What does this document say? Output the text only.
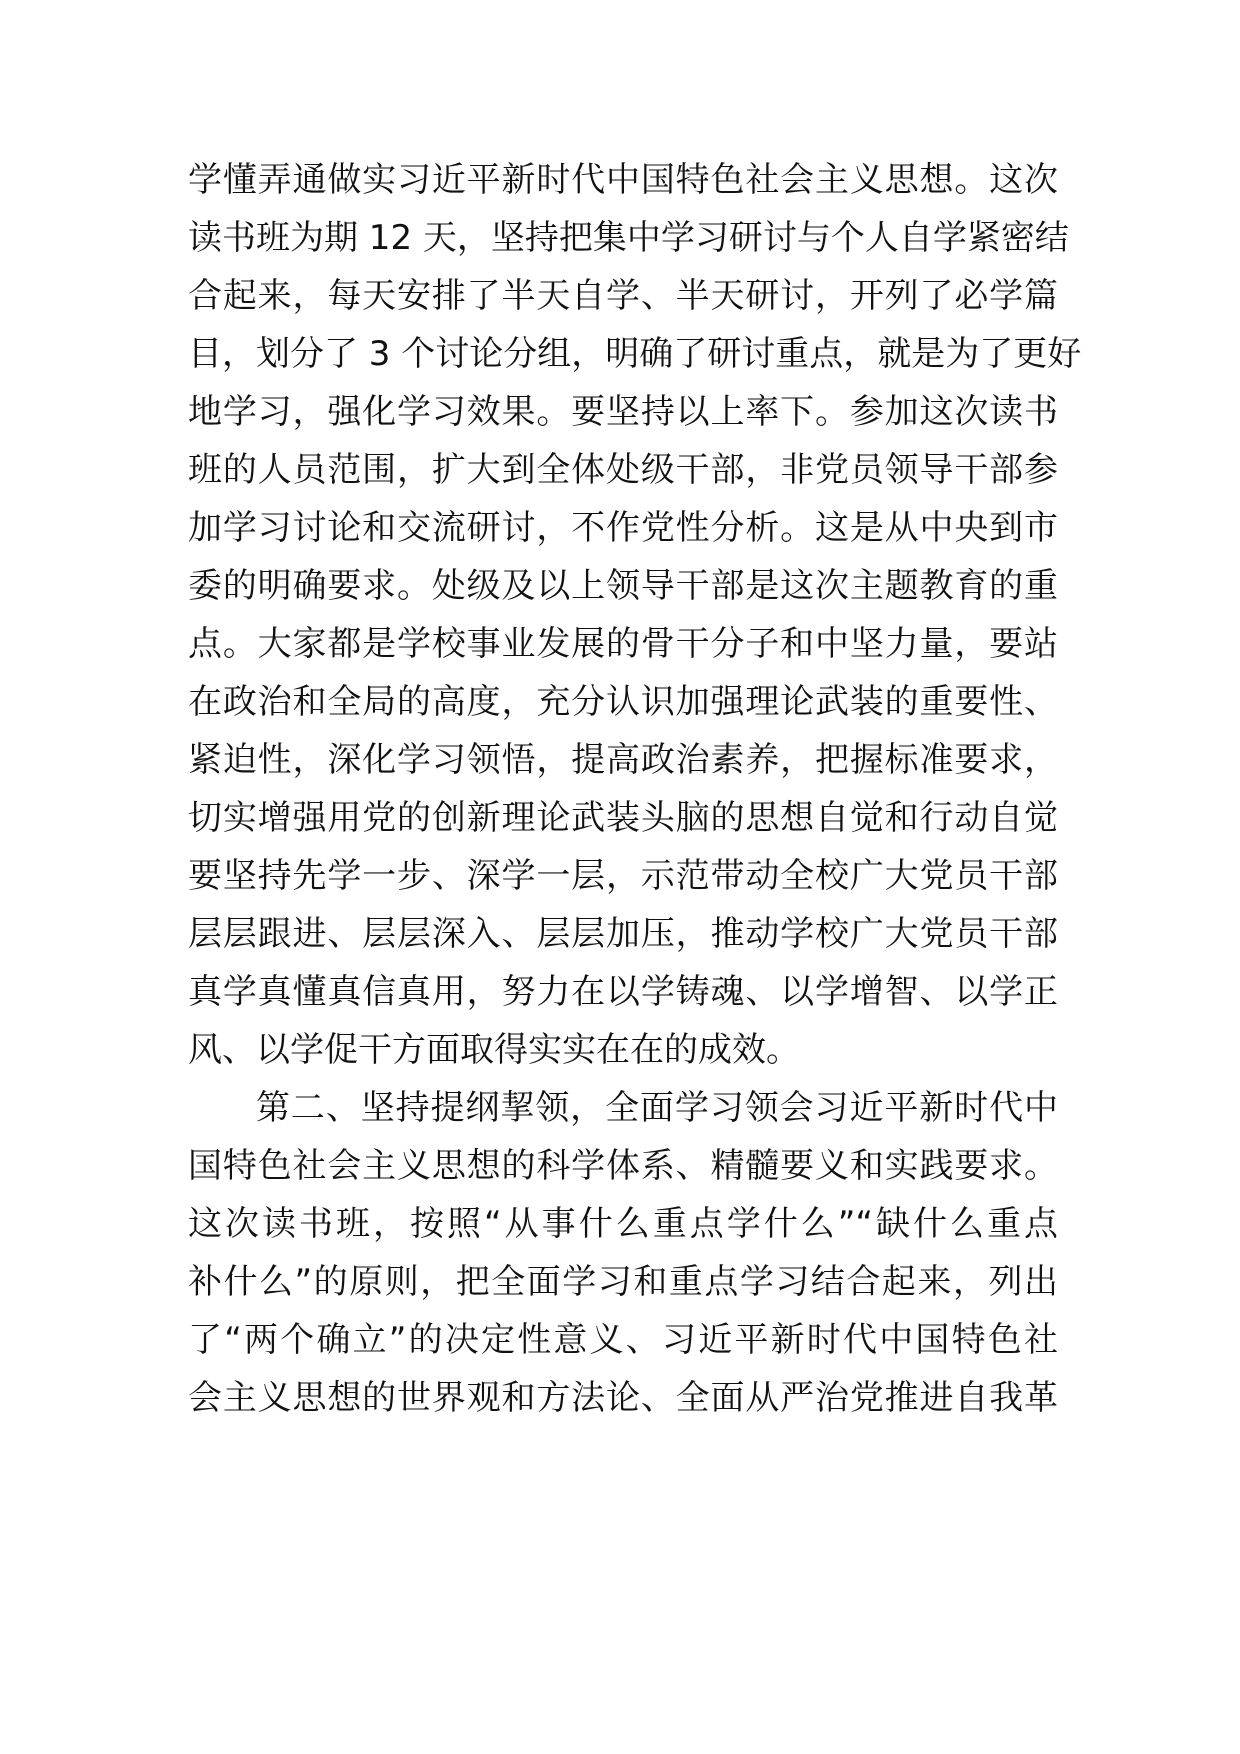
学懂弄通做实习近平新时代中国特色社会主义思想。这次
读书班为期 12 天，坚持把集中学习研讨与个人自学紧密结
合起来，每天安排了半天自学、半天研讨，开列了必学篇
目，划分了 3 个讨论分组，明确了研讨重点，就是为了更好
地学习，强化学习效果。要坚持以上率下。参加这次读书
班的人员范围，扩大到全体处级干部，非党员领导干部参
加学习讨论和交流研讨，不作党性分析。这是从中央到市
委的明确要求。处级及以上领导干部是这次主题教育的重
点。大家都是学校事业发展的骨干分子和中坚力量，要站
在政治和全局的高度，充分认识加强理论武装的重要性、
紧迫性，深化学习领悟，提高政治素养，把握标准要求，
切实增强用党的创新理论武装头脑的思想自觉和行动自觉
要坚持先学一步、深学一层，示范带动全校广大党员干部
层层跟进、层层深入、层层加压，推动学校广大党员干部
真学真懂真信真用，努力在以学铸魂、以学增智、以学正
风、以学促干方面取得实实在在的成效。
第二、坚持提纲挈领，全面学习领会习近平新时代中
国特色社会主义思想的科学体系、精髓要义和实践要求。
这次读书班，按照“从事什么重点学什么”“缺什么重点
补什么”的原则，把全面学习和重点学习结合起来，列出
了“两个确立”的决定性意义、习近平新时代中国特色社
会主义思想的世界观和方法论、全面从严治党推进自我革
